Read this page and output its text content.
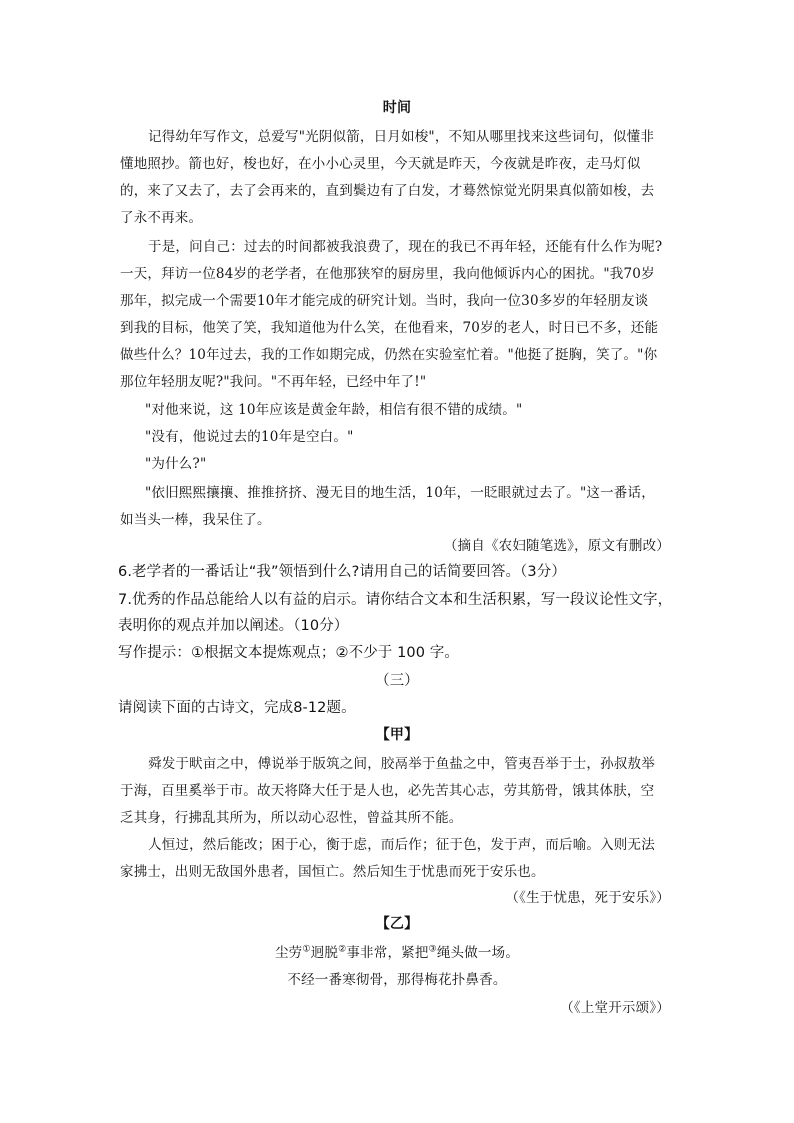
时间
记得幼年写作文，总爱写"光阴似箭，日月如梭"，不知从哪里找来这些词句，似懂非
懂地照抄。箭也好，梭也好，在小小心灵里，今天就是昨天，今夜就是昨夜，走马灯似
的，来了又去了，去了会再来的，直到鬓边有了白发，才蓦然惊觉光阴果真似箭如梭，去
了永不再来。
于是，问自己：过去的时间都被我浪费了，现在的我已不再年轻，还能有什么作为呢?
一天，拜访一位84岁的老学者，在他那狭窄的厨房里，我向他倾诉内心的困扰。"我70岁
那年，拟完成一个需要10年才能完成的研究计划。当时，我向一位30多岁的年轻朋友谈
到我的目标，他笑了笑，我知道他为什么笑，在他看来，70岁的老人，时日已不多，还能
做些什么？10年过去，我的工作如期完成，仍然在实验室忙着。"他挺了挺胸，笑了。"你
那位年轻朋友呢?"我问。"不再年轻，已经中年了!"
"对他来说，这 10年应该是黄金年龄，相信有很不错的成绩。"
"没有，他说过去的10年是空白。"
"为什么?"
"依旧熙熙攘攘、推推挤挤、漫无目的地生活，10年，一眨眼就过去了。"这一番话，
如当头一棒，我呆住了。
（摘自《农妇随笔选》，原文有删改）
6.老学者的一番话让“我”领悟到什么?请用自己的话简要回答。（3分）
7.优秀的作品总能给人以有益的启示。请你结合文本和生活积累，写一段议论性文字，
表明你的观点并加以阐述。（10分）
写作提示：①根据文本提炼观点；②不少于 100 字。
（三）
请阅读下面的古诗文，完成8-12题。
【甲】
舜发于畎亩之中，傅说举于版筑之间，胶鬲举于鱼盐之中，管夷吾举于士，孙叔敖举
于海，百里奚举于市。故天将降大任于是人也，必先苦其心志，劳其筋骨，饿其体肤，空
乏其身，行拂乱其所为，所以动心忍性，曾益其所不能。
人恒过，然后能改；困于心，衡于虑，而后作；征于色，发于声，而后喻。入则无法
家拂士，出则无敌国外患者，国恒亡。然后知生于忧患而死于安乐也。
（《生于忧患，死于安乐》）
【乙】
尘劳①迥脱②事非常，紧把③绳头做一场。
不经一番寒彻骨，那得梅花扑鼻香。
（《上堂开示颂》）
